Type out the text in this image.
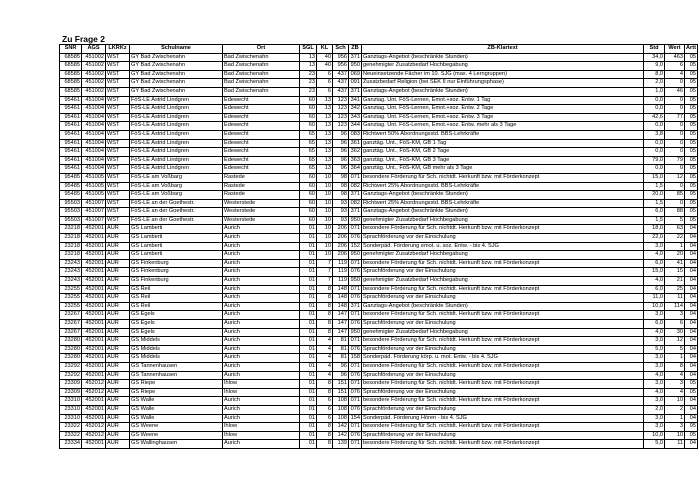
Zu Frage 2
SNR	AGS	LKRKz	Schulname	Ort	SGL	KL	Sch	ZB	ZB-Klartext	Std	Wert	Artt
68585	451002	WST	GY Bad Zwischenahn	Bad Zwischenahn	13	40	956	371	Ganztags-Angebot (beschränkte Stunden)	34,0	463	05
68585	451002	WST	GY Bad Zwischenahn	Bad Zwischenahn	13	40	956	950	genehmigter Zusatzbedarf Hochbegabung	9,0	6	05
68585	451002	WST	GY Bad Zwischenahn	Bad Zwischenahn	23	6	437	069	Neueinsetzende Fächer im 10. SJG (max. 4 Lerngruppen)	8,0	4	05
68585	451002	WST	GY Bad Zwischenahn	Bad Zwischenahn	23	6	437	091	Zusatzbedarf Religion (bei SEK II nur Einführungsphase)	2,0	0	05
68585	451002	WST	GY Bad Zwischenahn	Bad Zwischenahn	23	6	437	371	Ganztags-Angebot (beschränkte Stunden)	1,0	46	05
95461	451004	WST	FöS-LE Astrid Lindgren	Edewecht	60	13	123	341	Ganztag. Unt. FöS-Lernen, Emot.+soz. Entw. 1 Tag	0,0	0	05
95461	451004	WST	FöS-LE Astrid Lindgren	Edewecht	60	13	123	342	Ganztag. Unt. FöS-Lernen, Emot.+soz. Entw. 2 Tage	0,0	0	05
95461	451004	WST	FöS-LE Astrid Lindgren	Edewecht	60	13	123	343	Ganztag. Unt. FöS-Lernen, Emot.+soz. Entw. 3 Tage	42,6	77	05
95461	451004	WST	FöS-LE Astrid Lindgren	Edewecht	60	13	123	344	Ganztag. Unt. FöS-Lernen, Emot.+soz. Entw. mehr als 3 Tage	0,0	0	05
95461	451004	WST	FöS-LE Astrid Lindgren	Edewecht	65	13	96	083	Richtwert 50% Abordnungsstd. BBS-Lehrkräfte	3,8	0	05
95461	451004	WST	FöS-LE Astrid Lindgren	Edewecht	65	13	96	361	ganztäg. Unt., FöS-KM, GB 1 Tag	0,0	0	05
95461	451004	WST	FöS-LE Astrid Lindgren	Edewecht	65	13	96	362	ganztäg. Unt., FöS-KM, GB 2 Tage	0,0	0	05
95461	451004	WST	FöS-LE Astrid Lindgren	Edewecht	65	13	96	363	ganztäg. Unt., FöS-KM, GB 3 Tage	79,0	79	05
95461	451004	WST	FöS-LE Astrid Lindgren	Edewecht	65	13	96	364	ganztäg. Unt., FöS-KM, GB mehr als 3 Tage	0,0	0	05
95485	451005	WST	FöS-LE am Voßbarg	Rastede	60	10	98	071	besondere Förderung für Sch. nichtdt. Herkunft bzw. mit Förderkonzept	15,0	12	05
95485	451005	WST	FöS-LE am Voßbarg	Rastede	60	10	98	082	Richtwert 25% Abordnungsstd. BBS-Lehrkräfte	1,5	0	05
95485	451005	WST	FöS-LE am Voßbarg	Rastede	60	10	98	371	Ganztags-Angebot (beschränkte Stunden)	20,0	85	05
95503	451007	WST	FöS-LE an der Goethestr.	Westerstede	60	10	93	082	Richtwert 25% Abordnungsstd. BBS-Lehrkräfte	1,5	0	05
95503	451007	WST	FöS-LE an der Goethestr.	Westerstede	60	10	93	371	Ganztags-Angebot (beschränkte Stunden)	6,0	88	05
95503	451007	WST	FöS-LE an der Goethestr.	Westerstede	60	10	93	950	genehmigter Zusatzbedarf Hochbegabung	1,5	5	05
23218	452001	AUR	GS Lamberti	Aurich	01	10	206	071	besondere Förderung für Sch. nichtdt. Herkunft bzw. mit Förderkonzept	18,0	63	04
23218	452001	AUR	GS Lamberti	Aurich	01	10	206	076	Sprachförderung vor der Einschulung	22,0	22	04
23218	452001	AUR	GS Lamberti	Aurich	01	10	206	152	Sonderpäd. Förderung emot. u. soz. Entw. - bis 4. SJG	3,0	1	04
23218	452001	AUR	GS Lamberti	Aurich	01	10	206	950	genehmigter Zusatzbedarf Hochbegabung	4,0	20	04
23243	452001	AUR	GS Finkenburg	Aurich	01	7	119	071	besondere Förderung für Sch. nichtdt. Herkunft bzw. mit Förderkonzept	6,0	41	04
23243	452001	AUR	GS Finkenburg	Aurich	01	7	119	076	Sprachförderung vor der Einschulung	15,0	15	04
23243	452001	AUR	GS Finkenburg	Aurich	01	7	119	950	genehmigter Zusatzbedarf Hochbegabung	4,0	21	04
23255	452001	AUR	GS Reil	Aurich	01	8	148	071	besondere Förderung für Sch. nichtdt. Herkunft bzw. mit Förderkonzept	6,0	25	04
23255	452001	AUR	GS Reil	Aurich	01	8	148	076	Sprachförderung vor der Einschulung	11,0	11	04
23255	452001	AUR	GS Reil	Aurich	01	8	148	371	Ganztags-Angebot (beschränkte Stunden)	10,0	114	04
23267	452001	AUR	GS Egels	Aurich	01	8	147	071	besondere Förderung für Sch. nichtdt. Herkunft bzw. mit Förderkonzept	3,0	3	04
23267	452001	AUR	GS Egels	Aurich	01	8	147	076	Sprachförderung vor der Einschulung	6,0	6	04
23267	452001	AUR	GS Egels	Aurich	01	8	147	950	genehmigter Zusatzbedarf Hochbegabung	4,0	30	04
23280	452001	AUR	GS Middels	Aurich	01	4	81	071	besondere Förderung für Sch. nichtdt. Herkunft bzw. mit Förderkonzept	3,0	12	04
23280	452001	AUR	GS Middels	Aurich	01	4	81	076	Sprachförderung vor der Einschulung	5,0	5	04
23280	452001	AUR	GS Middels	Aurich	01	4	81	158	Sonderpäd. Förderung körp. u. mot. Entw. - bis 4. SJG	3,0	1	04
23292	452001	AUR	GS Tannenhausen	Aurich	01	4	96	071	besondere Förderung für Sch. nichtdt. Herkunft bzw. mit Förderkonzept	3,0	8	04
23292	452001	AUR	GS Tannenhausen	Aurich	01	4	96	076	Sprachförderung vor der Einschulung	4,0	4	04
23309	452012	AUR	GS Riepe	Ihlow	01	8	151	071	besondere Förderung für Sch. nichtdt. Herkunft bzw. mit Förderkonzept	3,0	3	05
23309	452012	AUR	GS Riepe	Ihlow	01	8	151	076	Sprachförderung vor der Einschulung	4,0	4	05
23310	452001	AUR	GS Walle	Aurich	01	6	108	071	besondere Förderung für Sch. nichtdt. Herkunft bzw. mit Förderkonzept	3,0	10	04
23310	452001	AUR	GS Walle	Aurich	01	6	108	076	Sprachförderung vor der Einschulung	2,0	2	04
23310	452001	AUR	GS Walle	Aurich	01	6	108	154	Sonderpäd. Förderung Hören - bis 4. SJG	3,0	1	04
23322	452012	AUR	GS Weene	Ihlow	01	8	142	071	besondere Förderung für Sch. nichtdt. Herkunft bzw. mit Förderkonzept	3,0	3	05
23322	452012	AUR	GS Weene	Ihlow	01	8	142	076	Sprachförderung vor der Einschulung	10,0	10	05
23334	452001	AUR	GS Wallinghausen	Aurich	01	8	139	071	besondere Förderung für Sch. nichtdt. Herkunft bzw. mit Förderkonzept	5,0	11	04
